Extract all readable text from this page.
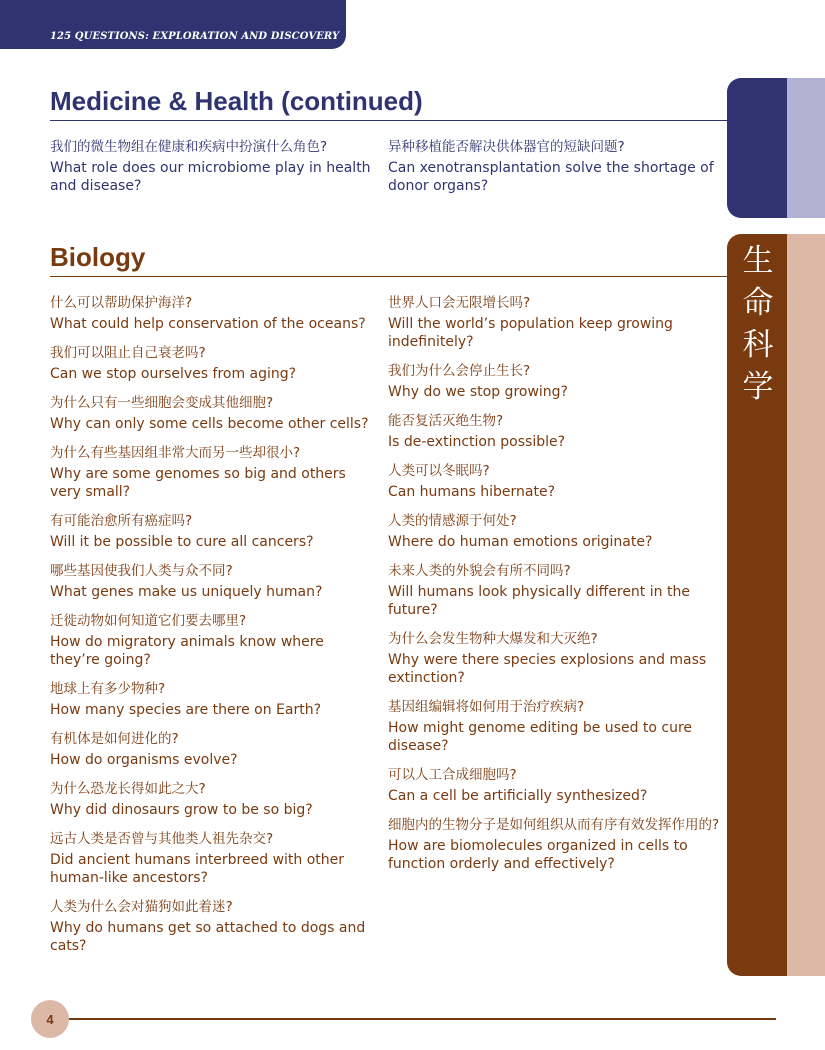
125 QUESTIONS: EXPLORATION AND DISCOVERY
Medicine & Health (continued)
我们的微生物组在健康和疾病中扮演什么角色?
What role does our microbiome play in health and disease?
异种移植能否解决供体器官的短缺问题?
Can xenotransplantation solve the shortage of donor organs?
Biology
什么可以帮助保护海洋?
What could help conservation of the oceans?
我们可以阻止自己衰老吗?
Can we stop ourselves from aging?
为什么只有一些细胞会变成其他细胞?
Why can only some cells become other cells?
为什么有些基因组非常大而另一些却很小?
Why are some genomes so big and others very small?
有可能治愈所有癌症吗?
Will it be possible to cure all cancers?
哪些基因使我们人类与众不同?
What genes make us uniquely human?
迁徙动物如何知道它们要去哪里?
How do migratory animals know where they’re going?
地球上有多少物种?
How many species are there on Earth?
有机体是如何进化的?
How do organisms evolve?
为什么恐龙长得如此之大?
Why did dinosaurs grow to be so big?
远古人类是否曾与其他类人祖先杂交?
Did ancient humans interbreed with other human-like ancestors?
人类为什么会对猫狗如此着迷?
Why do humans get so attached to dogs and cats?
世界人口会无限增长吗?
Will the world’s population keep growing indefinitely?
我们为什么会停止生长?
Why do we stop growing?
能否复活灭绝生物?
Is de-extinction possible?
人类可以冬眠吗?
Can humans hibernate?
人类的情感源于何处?
Where do human emotions originate?
未来人类的外貌会有所不同吗?
Will humans look physically different in the future?
为什么会发生物种大爆发和大灭绝?
Why were there species explosions and mass extinction?
基因组编辑将如何用于治疗疾病?
How might genome editing be used to cure disease?
可以人工合成细胞吗?
Can a cell be artificially synthesized?
细胞内的生物分子是如何组织从而有序有效发挥作用的?
How are biomolecules organized in cells to function orderly and effectively?
生
命
科
学
4
